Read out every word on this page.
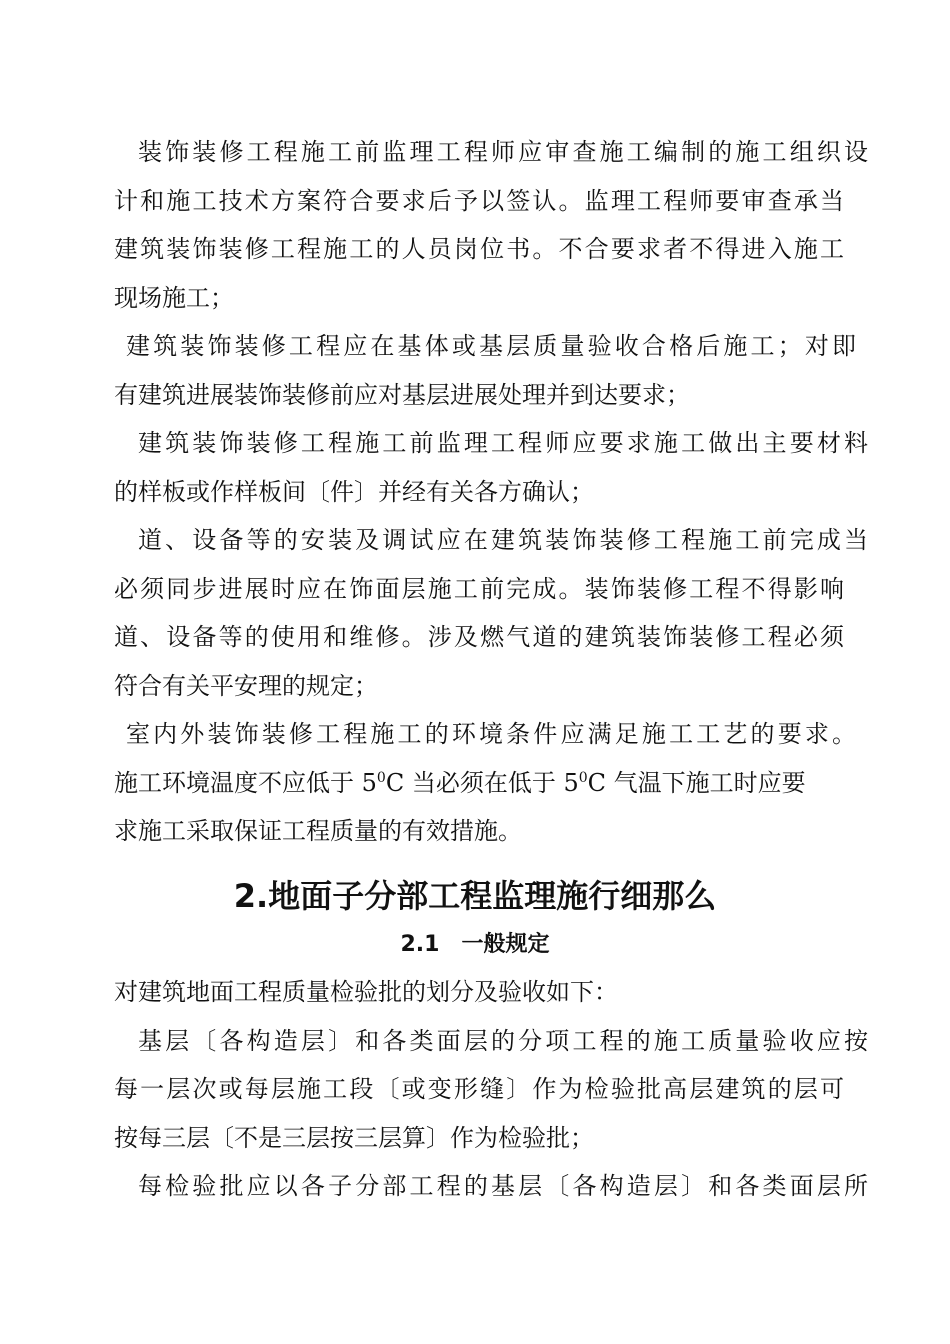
装饰装修工程施工前监理工程师应审查施工编制的施工组织设
计和施工技术方案符合要求后予以签认。监理工程师要审查承当
建筑装饰装修工程施工的人员岗位书。不合要求者不得进入施工
现场施工；
建筑装饰装修工程应在基体或基层质量验收合格后施工；对即
有建筑进展装饰装修前应对基层进展处理并到达要求；
建筑装饰装修工程施工前监理工程师应要求施工做出主要材料
的样板或作样板间〔件〕并经有关各方确认；
道、设备等的安装及调试应在建筑装饰装修工程施工前完成当
必须同步进展时应在饰面层施工前完成。装饰装修工程不得影响
道、设备等的使用和维修。涉及燃气道的建筑装饰装修工程必须
符合有关平安理的规定；
室内外装饰装修工程施工的环境条件应满足施工工艺的要求。
施工环境温度不应低于 $5^0C$ 当必须在低于 $5^0C$ 气温下施工时应要
求施工采取保证工程质量的有效措施。
2.地面子分部工程监理施行细那么
2.1　一般规定
对建筑地面工程质量检验批的划分及验收如下：
基层〔各构造层〕和各类面层的分项工程的施工质量验收应按
每一层次或每层施工段〔或变形缝〕作为检验批高层建筑的层可
按每三层〔不是三层按三层算〕作为检验批；
每检验批应以各子分部工程的基层〔各构造层〕和各类面层所
